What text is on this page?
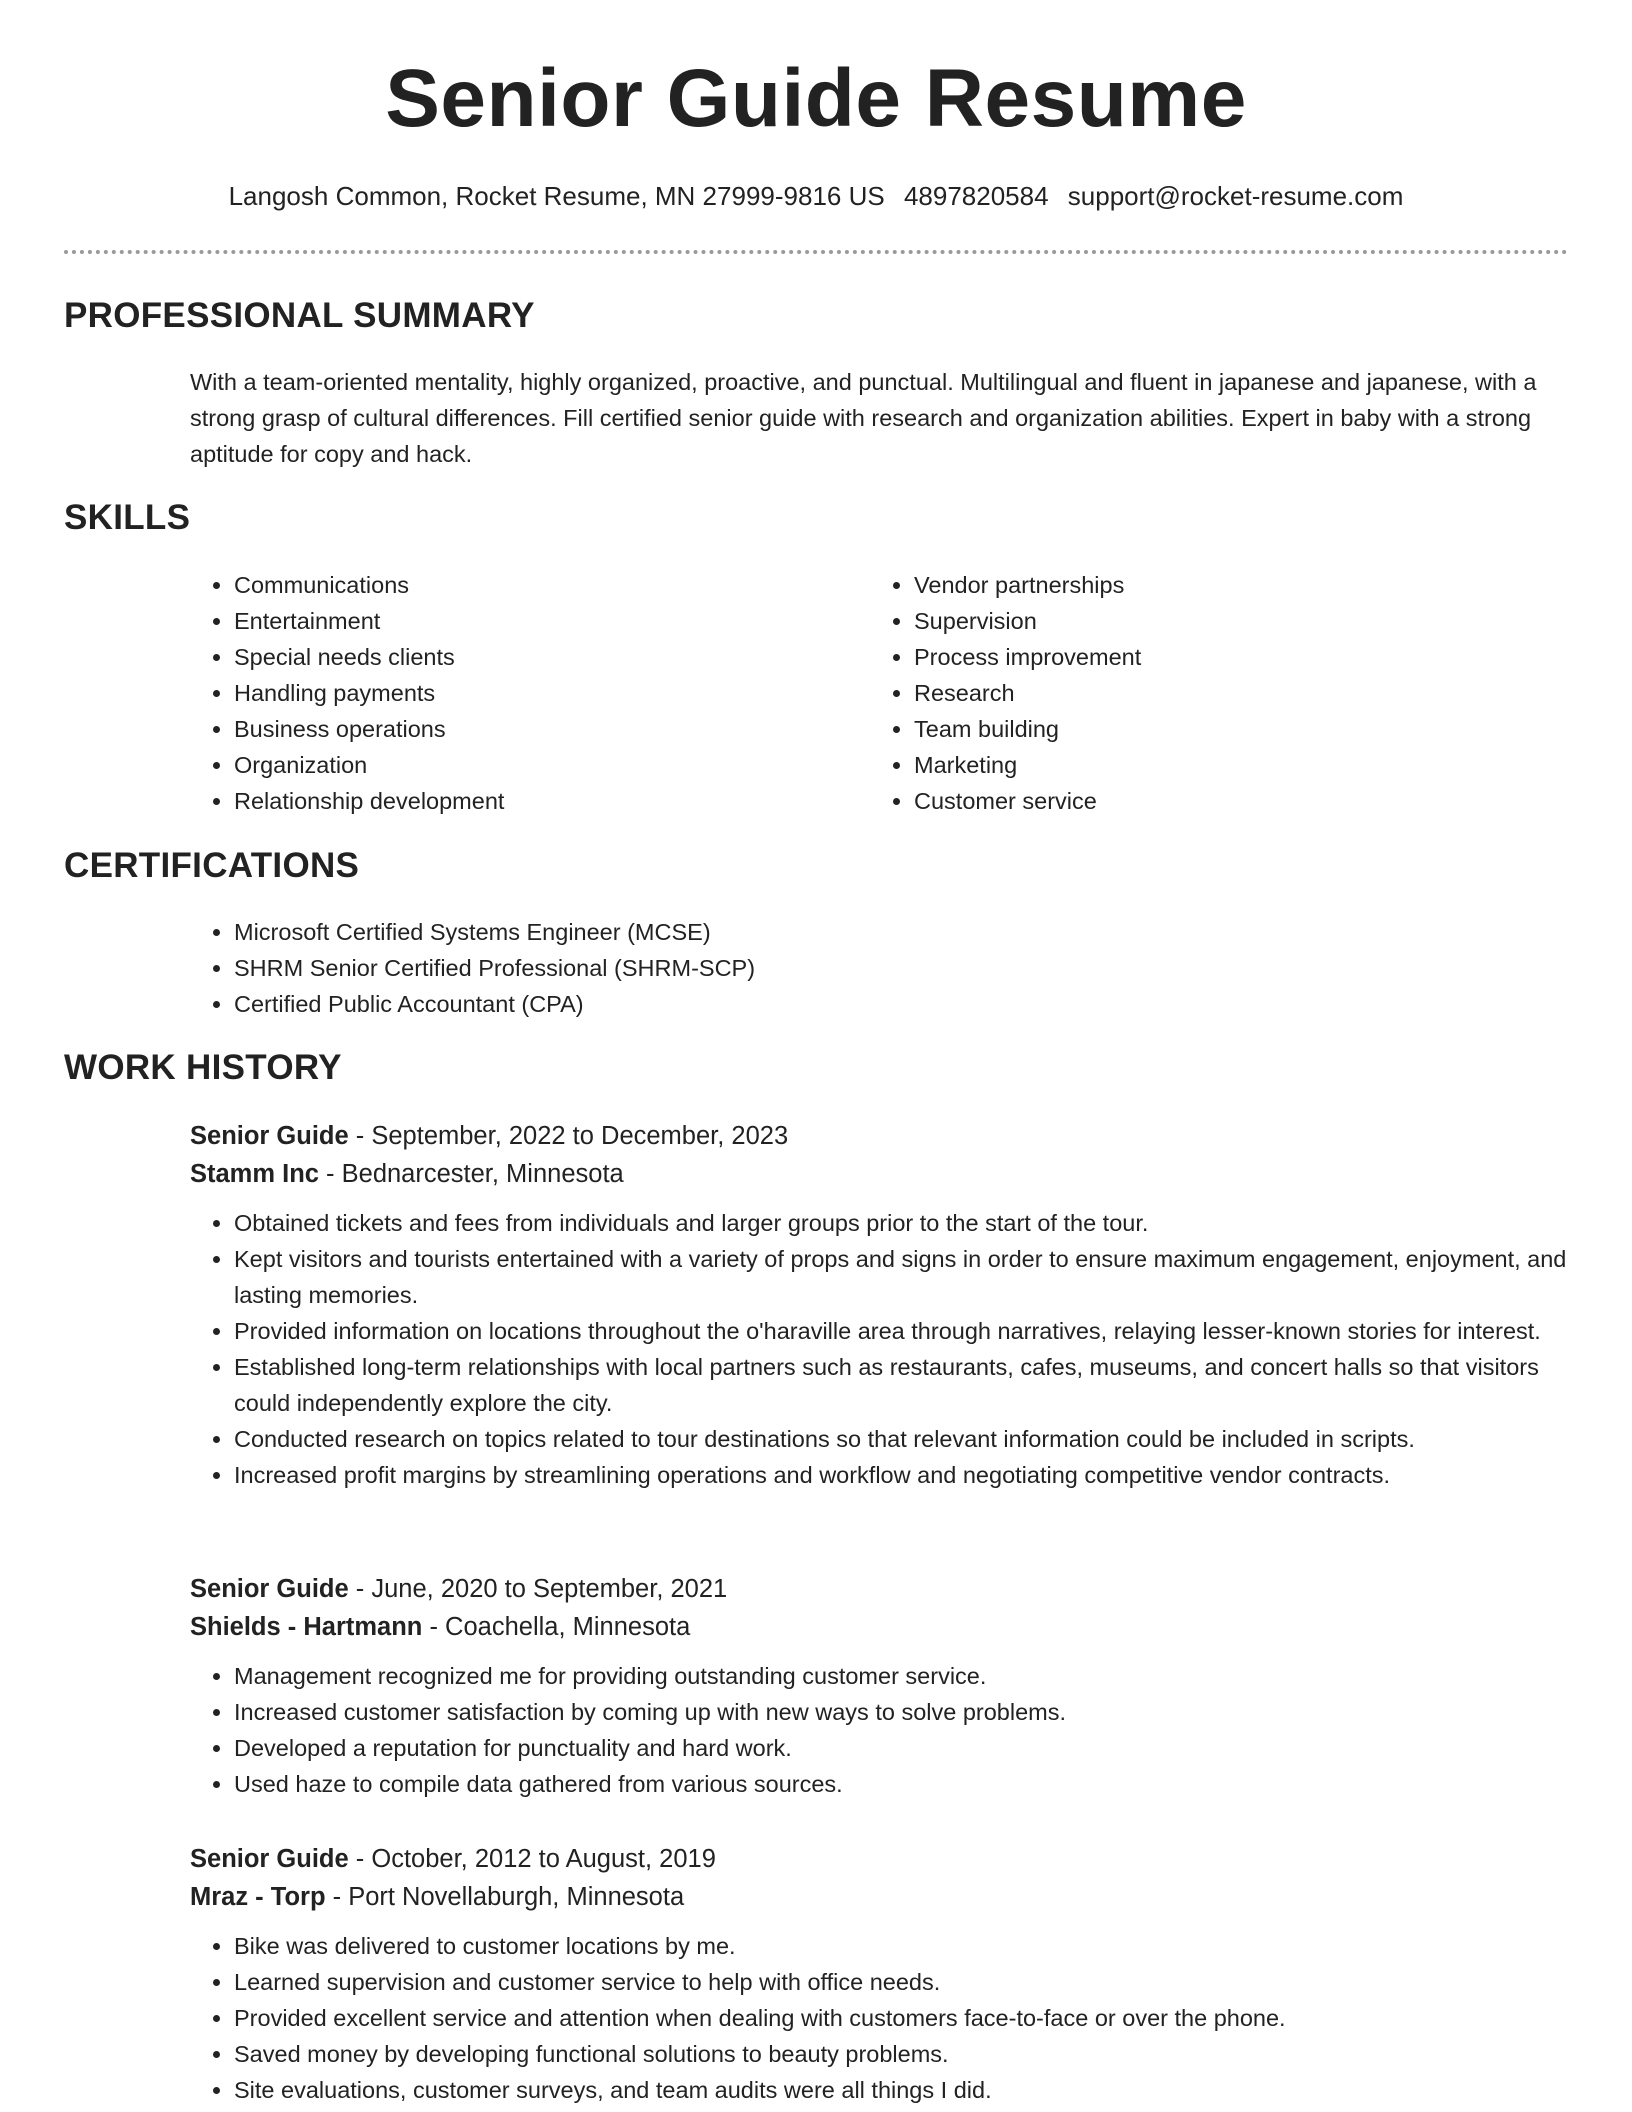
Senior Guide Resume
Langosh Common, Rocket Resume, MN 27999-9816 US 4897820584 support@rocket-resume.com
PROFESSIONAL SUMMARY
With a team-oriented mentality, highly organized, proactive, and punctual. Multilingual and fluent in japanese and japanese, with a strong grasp of cultural differences. Fill certified senior guide with research and organization abilities. Expert in baby with a strong aptitude for copy and hack.
SKILLS
• Communications
• Entertainment
• Special needs clients
• Handling payments
• Business operations
• Organization
• Relationship development
• Vendor partnerships
• Supervision
• Process improvement
• Research
• Team building
• Marketing
• Customer service
CERTIFICATIONS
• Microsoft Certified Systems Engineer (MCSE)
• SHRM Senior Certified Professional (SHRM-SCP)
• Certified Public Accountant (CPA)
WORK HISTORY
Senior Guide - September, 2022 to December, 2023
Stamm Inc - Bednarcester, Minnesota
• Obtained tickets and fees from individuals and larger groups prior to the start of the tour.
• Kept visitors and tourists entertained with a variety of props and signs in order to ensure maximum engagement, enjoyment, and lasting memories.
• Provided information on locations throughout the o'haraville area through narratives, relaying lesser-known stories for interest.
• Established long-term relationships with local partners such as restaurants, cafes, museums, and concert halls so that visitors could independently explore the city.
• Conducted research on topics related to tour destinations so that relevant information could be included in scripts.
• Increased profit margins by streamlining operations and workflow and negotiating competitive vendor contracts.
Senior Guide - June, 2020 to September, 2021
Shields - Hartmann - Coachella, Minnesota
• Management recognized me for providing outstanding customer service.
• Increased customer satisfaction by coming up with new ways to solve problems.
• Developed a reputation for punctuality and hard work.
• Used haze to compile data gathered from various sources.
Senior Guide - October, 2012 to August, 2019
Mraz - Torp - Port Novellaburgh, Minnesota
• Bike was delivered to customer locations by me.
• Learned supervision and customer service to help with office needs.
• Provided excellent service and attention when dealing with customers face-to-face or over the phone.
• Saved money by developing functional solutions to beauty problems.
• Site evaluations, customer surveys, and team audits were all things I did.
